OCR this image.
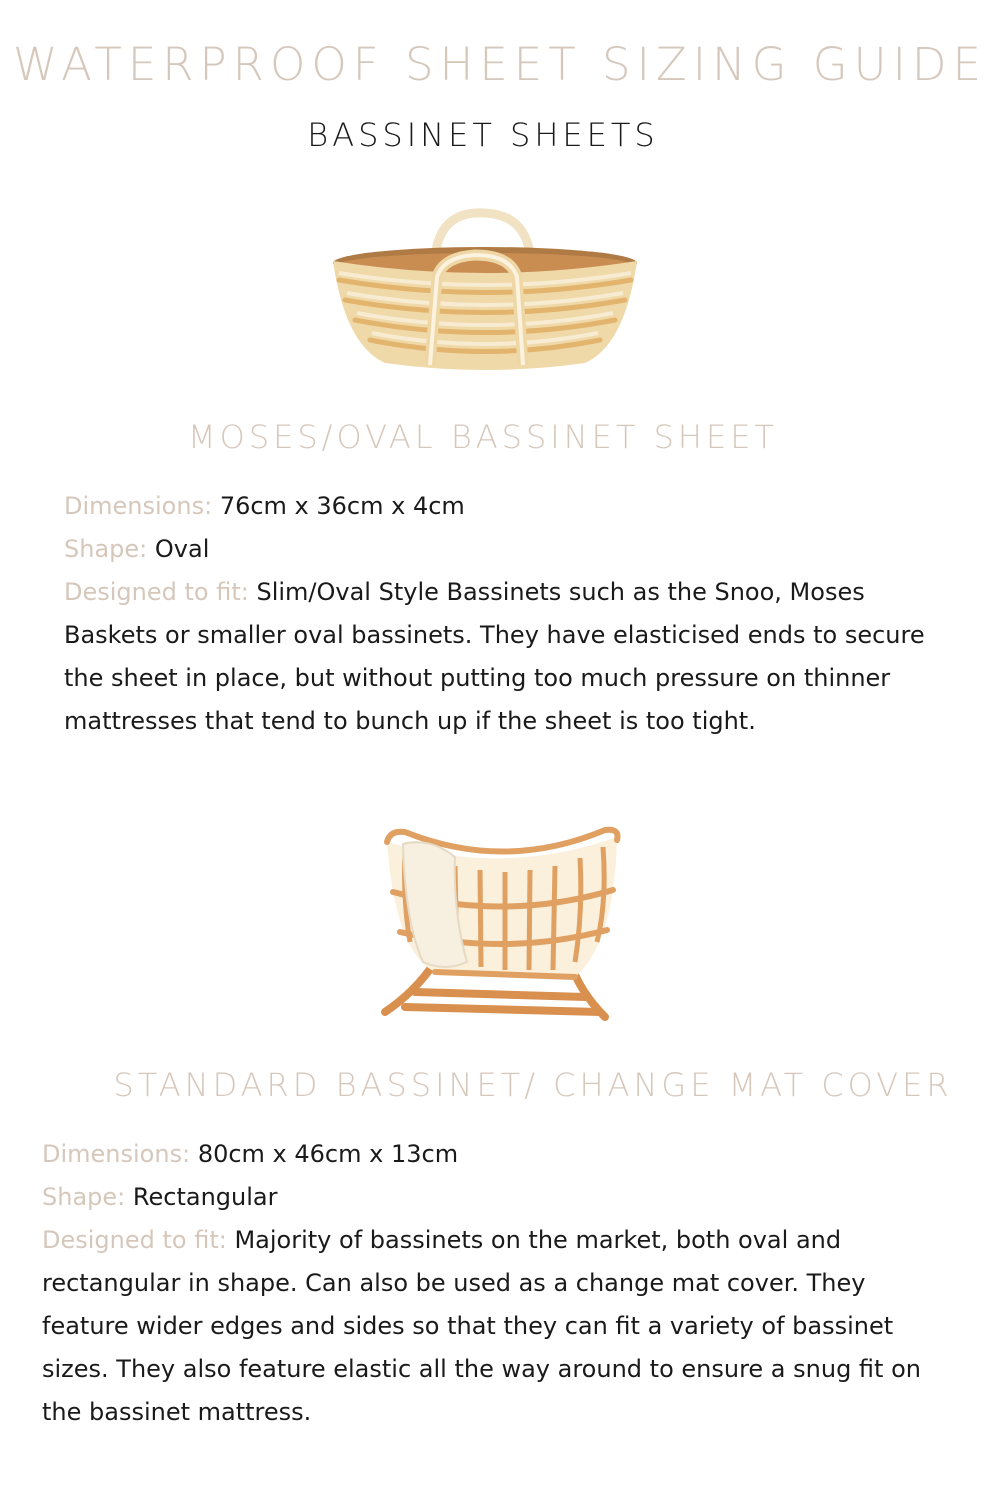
WATERPROOF SHEET SIZING GUIDE
BASSINET SHEETS
MOSES/OVAL BASSINET SHEET

Dimensions: 76cm x 36cm x 4cm

Shape: Oval

Designed to fit: Slim/Oval Style Bassinets such as the Snoo, Moses Baskets or smaller oval bassinets. They have elasticised ends to secure the sheet in place, but without putting too much pressure on thinner mattresses that tend to bunch up if the sheet is too tight.

STANDARD BASSINET/ CHANGE MAT COVER

Dimensions: 80cm x 46cm x 13cm

Shape: Rectangular

Designed to fit: Majority of bassinets on the market, both oval and rectangular in shape. Can also be used as a change mat cover. They feature wider edges and sides so that they can fit a variety of bassinet sizes. They also feature elastic all the way around to ensure a snug fit on the bassinet mattress.
